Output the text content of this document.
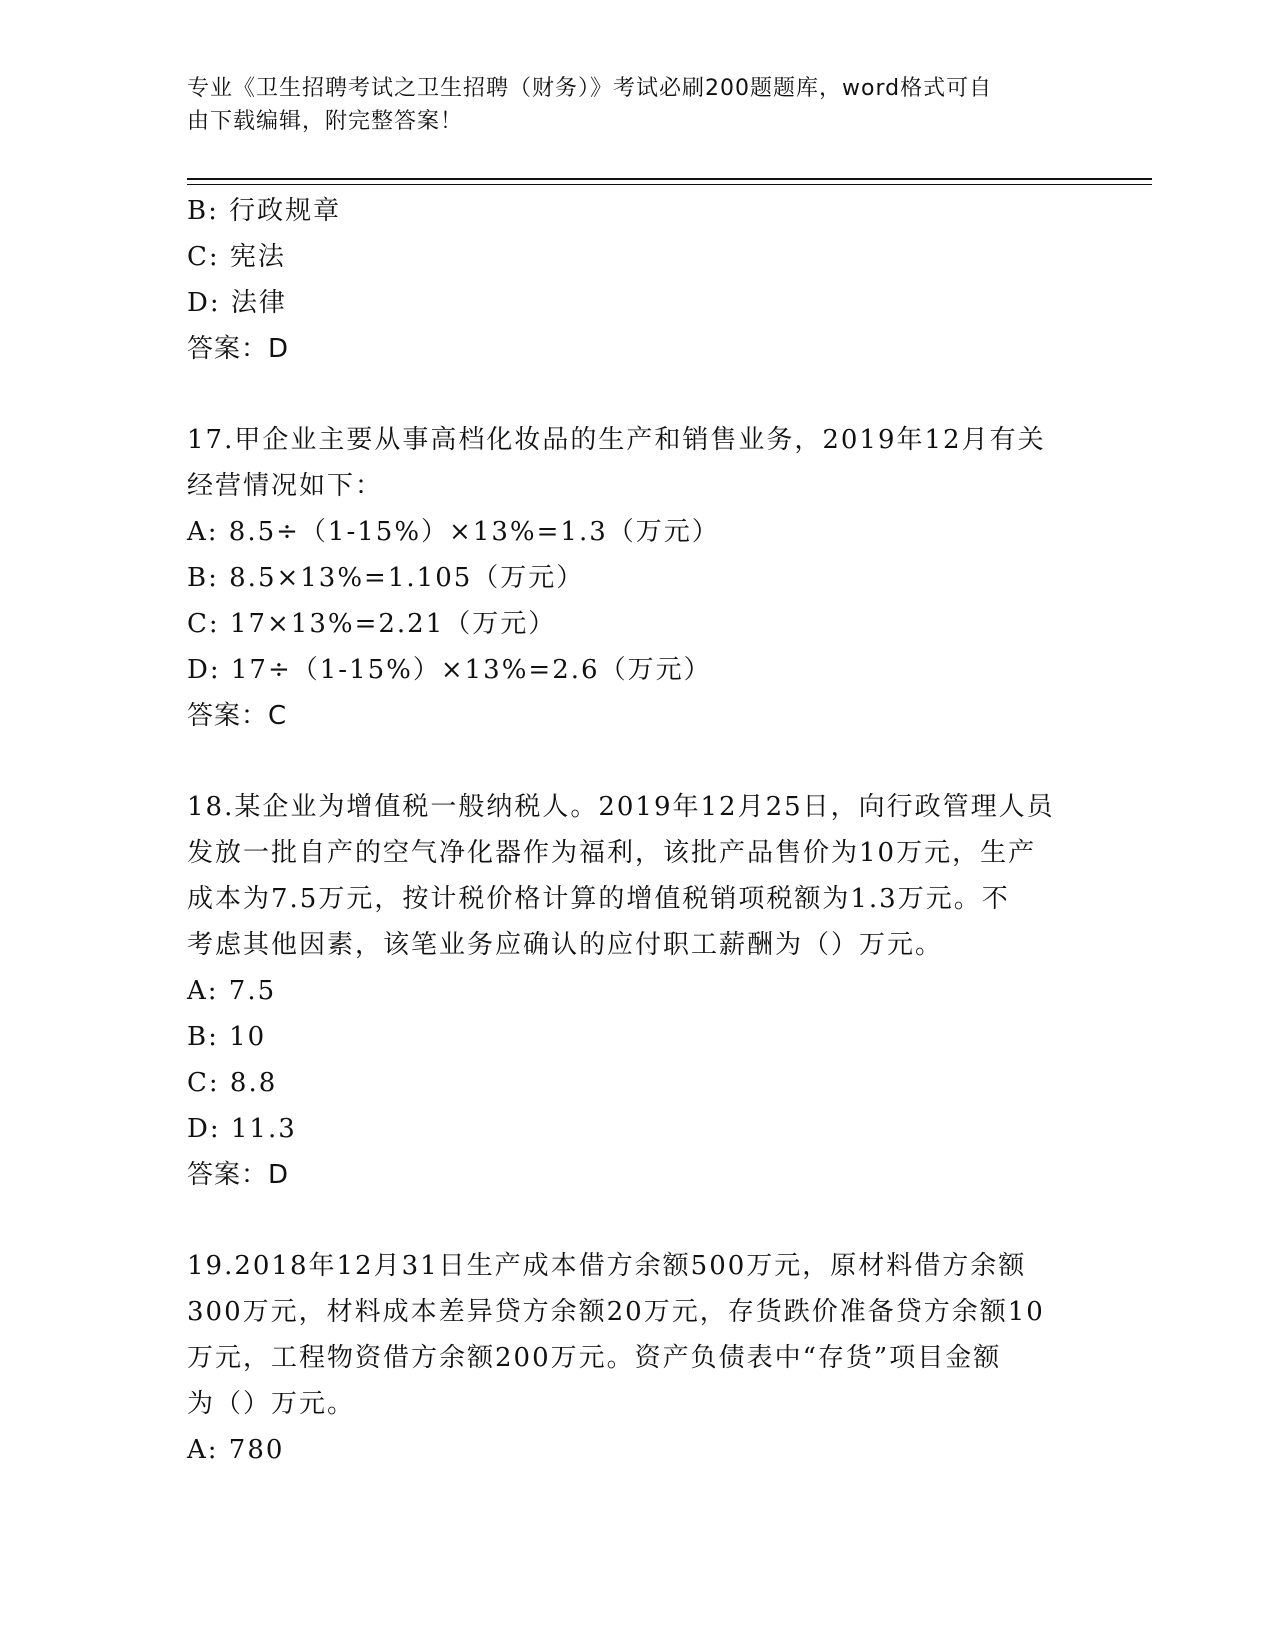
专业《卫生招聘考试之卫生招聘（财务）》考试必刷200题题库，word格式可自
由下载编辑，附完整答案！
B: 行政规章
C: 宪法
D: 法律
答案：D
17.甲企业主要从事高档化妆品的生产和销售业务，2019年12月有关
经营情况如下：
A: 8.5÷（1-15%）×13%=1.3（万元）
B: 8.5×13%=1.105（万元）
C: 17×13%=2.21（万元）
D: 17÷（1-15%）×13%=2.6（万元）
答案：C
18.某企业为增值税一般纳税人。2019年12月25日，向行政管理人员
发放一批自产的空气净化器作为福利，该批产品售价为10万元，生产
成本为7.5万元，按计税价格计算的增值税销项税额为1.3万元。不
考虑其他因素，该笔业务应确认的应付职工薪酬为（）万元。
A: 7.5
B: 10
C: 8.8
D: 11.3
答案：D
19.2018年12月31日生产成本借方余额500万元，原材料借方余额
300万元，材料成本差异贷方余额20万元，存货跌价准备贷方余额10
万元，工程物资借方余额200万元。资产负债表中“存货”项目金额
为（）万元。
A: 780
